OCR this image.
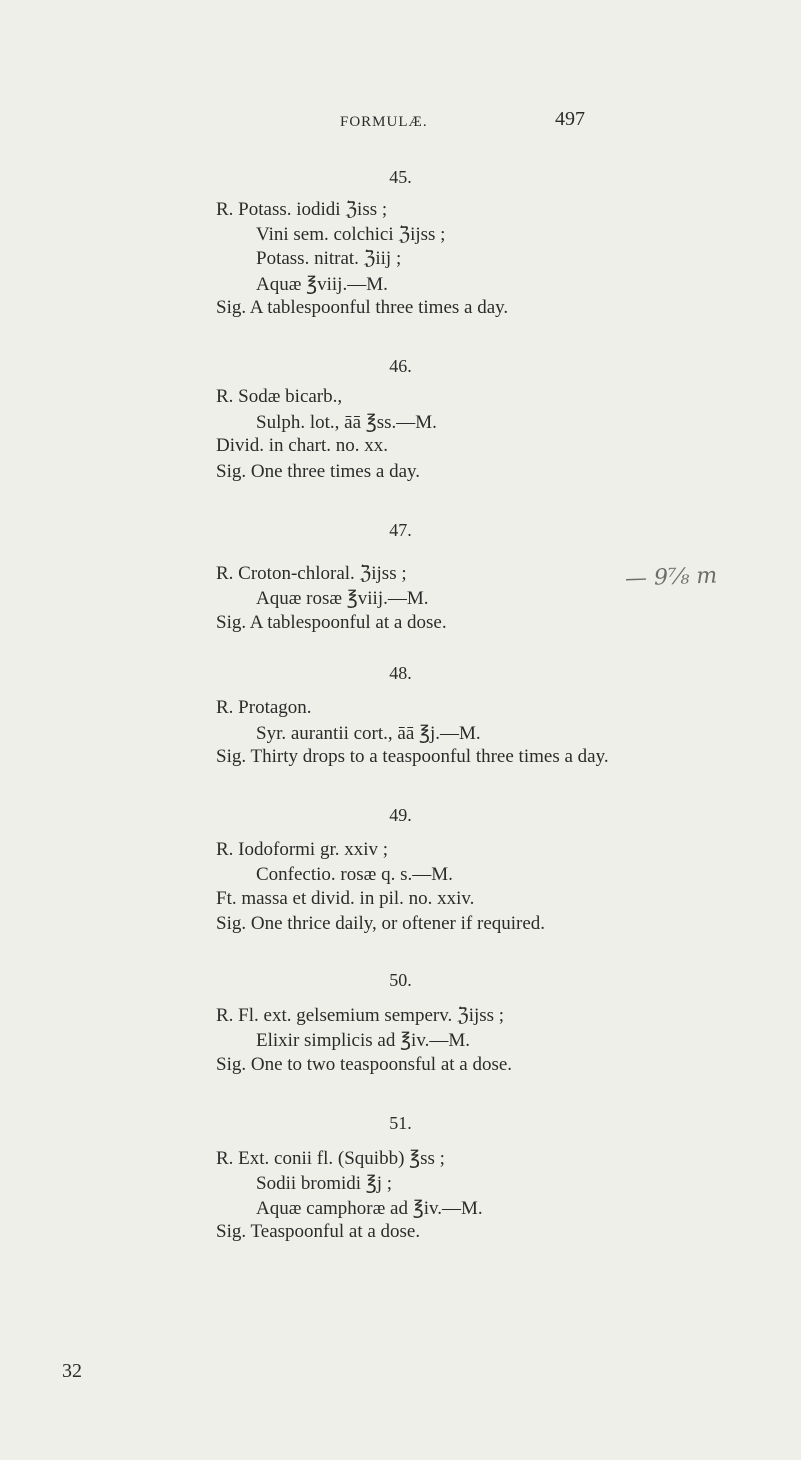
FORMULÆ.	497
45.
R. Potass. iodidi ℨiss ;
Vini sem. colchici ℨijss ;
Potass. nitrat. ℨiij ;
Aquæ ℥viij.—M.
Sig. A tablespoonful three times a day.
46.
R. Sodæ bicarb.,
Sulph. lot., āā ℥ss.—M.
Divid. in chart. no. xx.
Sig. One three times a day.
47.
R. Croton-chloral. ℨijss ;
Aquæ rosæ ℥viij.—M.
Sig. A tablespoonful at a dose.
— 9⅞ m
48.
R. Protagon.
Syr. aurantii cort., āā ℥j.—M.
Sig. Thirty drops to a teaspoonful three times a day.
49.
R. Iodoformi gr. xxiv ;
Confectio. rosæ q. s.—M.
Ft. massa et divid. in pil. no. xxiv.
Sig. One thrice daily, or oftener if required.
50.
R. Fl. ext. gelsemium semperv. ℨijss ;
Elixir simplicis ad ℥iv.—M.
Sig. One to two teaspoonsful at a dose.
51.
R. Ext. conii fl. (Squibb) ℥ss ;
Sodii bromidi ℥j ;
Aquæ camphoræ ad ℥iv.—M.
Sig. Teaspoonful at a dose.
32
